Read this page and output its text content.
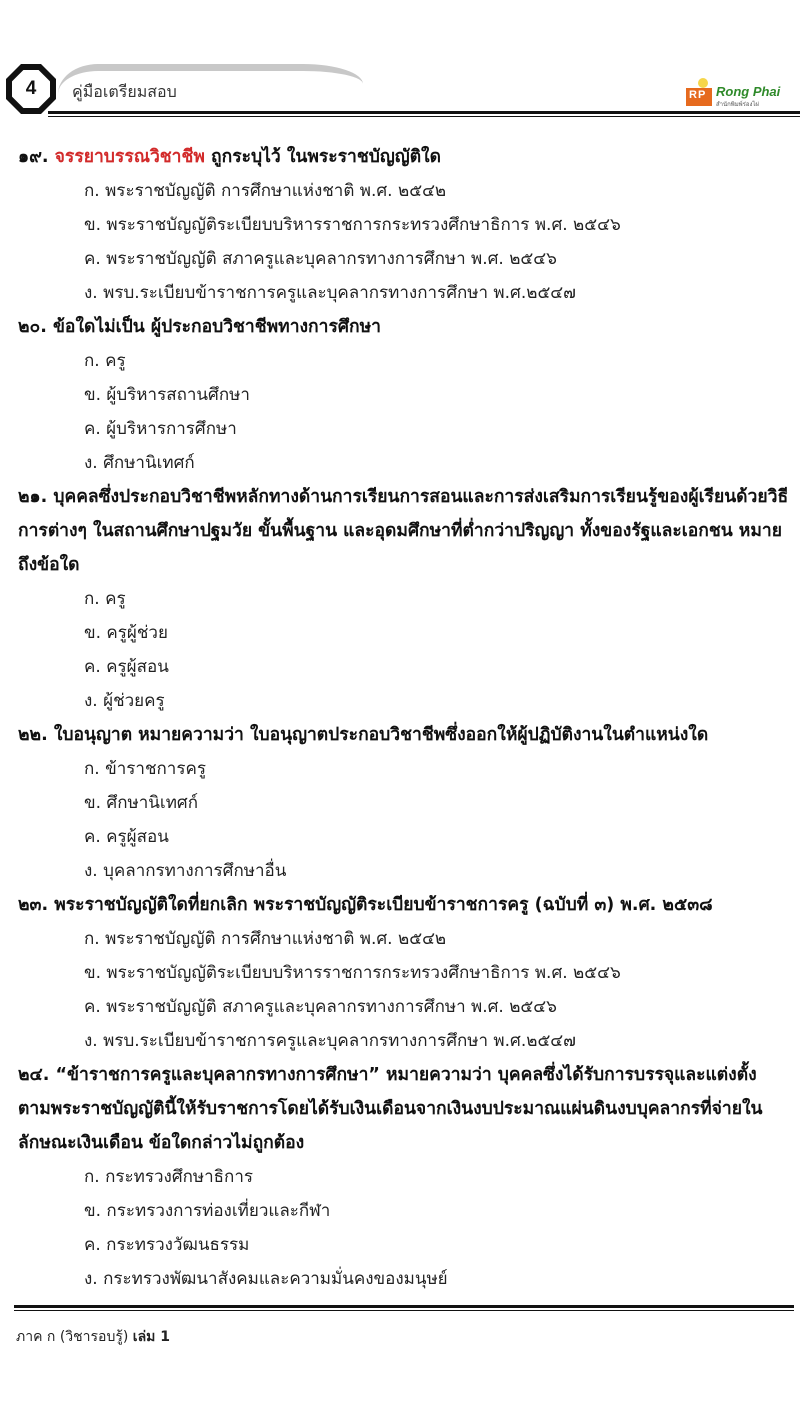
4	คู่มือเตรียมสอบ	RP Rong Phai
สำนักพิมพ์ร่องไผ่
๑๙. จรรยาบรรณวิชาชีพ ถูกระบุไว้ ในพระราชบัญญัติใด
ก. พระราชบัญญัติ การศึกษาแห่งชาติ พ.ศ. ๒๕๔๒
ข. พระราชบัญญัติระเบียบบริหารราชการกระทรวงศึกษาธิการ พ.ศ. ๒๕๔๖
ค. พระราชบัญญัติ สภาครูและบุคลากรทางการศึกษา พ.ศ. ๒๕๔๖
ง. พรบ.ระเบียบข้าราชการครูและบุคลากรทางการศึกษา พ.ศ.๒๕๔๗
๒๐. ข้อใดไม่เป็น ผู้ประกอบวิชาชีพทางการศึกษา
ก. ครู
ข. ผู้บริหารสถานศึกษา
ค. ผู้บริหารการศึกษา
ง. ศึกษานิเทศก์
๒๑. บุคคลซึ่งประกอบวิชาชีพหลักทางด้านการเรียนการสอนและการส่งเสริมการเรียนรู้ของผู้เรียนด้วยวิธีการต่างๆ ในสถานศึกษาปฐมวัย ขั้นพื้นฐาน และอุดมศึกษาที่ต่ำกว่าปริญญา ทั้งของรัฐและเอกชน หมายถึงข้อใด
ก. ครู
ข. ครูผู้ช่วย
ค. ครูผู้สอน
ง. ผู้ช่วยครู
๒๒. ใบอนุญาต หมายความว่า ใบอนุญาตประกอบวิชาชีพซึ่งออกให้ผู้ปฏิบัติงานในตำแหน่งใด
ก. ข้าราชการครู
ข. ศึกษานิเทศก์
ค. ครูผู้สอน
ง. บุคลากรทางการศึกษาอื่น
๒๓. พระราชบัญญัติใดที่ยกเลิก พระราชบัญญัติระเบียบข้าราชการครู (ฉบับที่ ๓) พ.ศ. ๒๕๓๘
ก. พระราชบัญญัติ การศึกษาแห่งชาติ พ.ศ. ๒๕๔๒
ข. พระราชบัญญัติระเบียบบริหารราชการกระทรวงศึกษาธิการ พ.ศ. ๒๕๔๖
ค. พระราชบัญญัติ สภาครูและบุคลากรทางการศึกษา พ.ศ. ๒๕๔๖
ง. พรบ.ระเบียบข้าราชการครูและบุคลากรทางการศึกษา พ.ศ.๒๕๔๗
๒๔. “ข้าราชการครูและบุคลากรทางการศึกษา” หมายความว่า บุคคลซึ่งได้รับการบรรจุและแต่งตั้งตามพระราชบัญญัตินี้ให้รับราชการโดยได้รับเงินเดือนจากเงินงบประมาณแผ่นดินงบบุคลากรที่จ่ายในลักษณะเงินเดือน ข้อใดกล่าวไม่ถูกต้อง
ก. กระทรวงศึกษาธิการ
ข. กระทรวงการท่องเที่ยวและกีฬา
ค. กระทรวงวัฒนธรรม
ง. กระทรวงพัฒนาสังคมและความมั่นคงของมนุษย์
ภาค ก (วิชารอบรู้) เล่ม 1
